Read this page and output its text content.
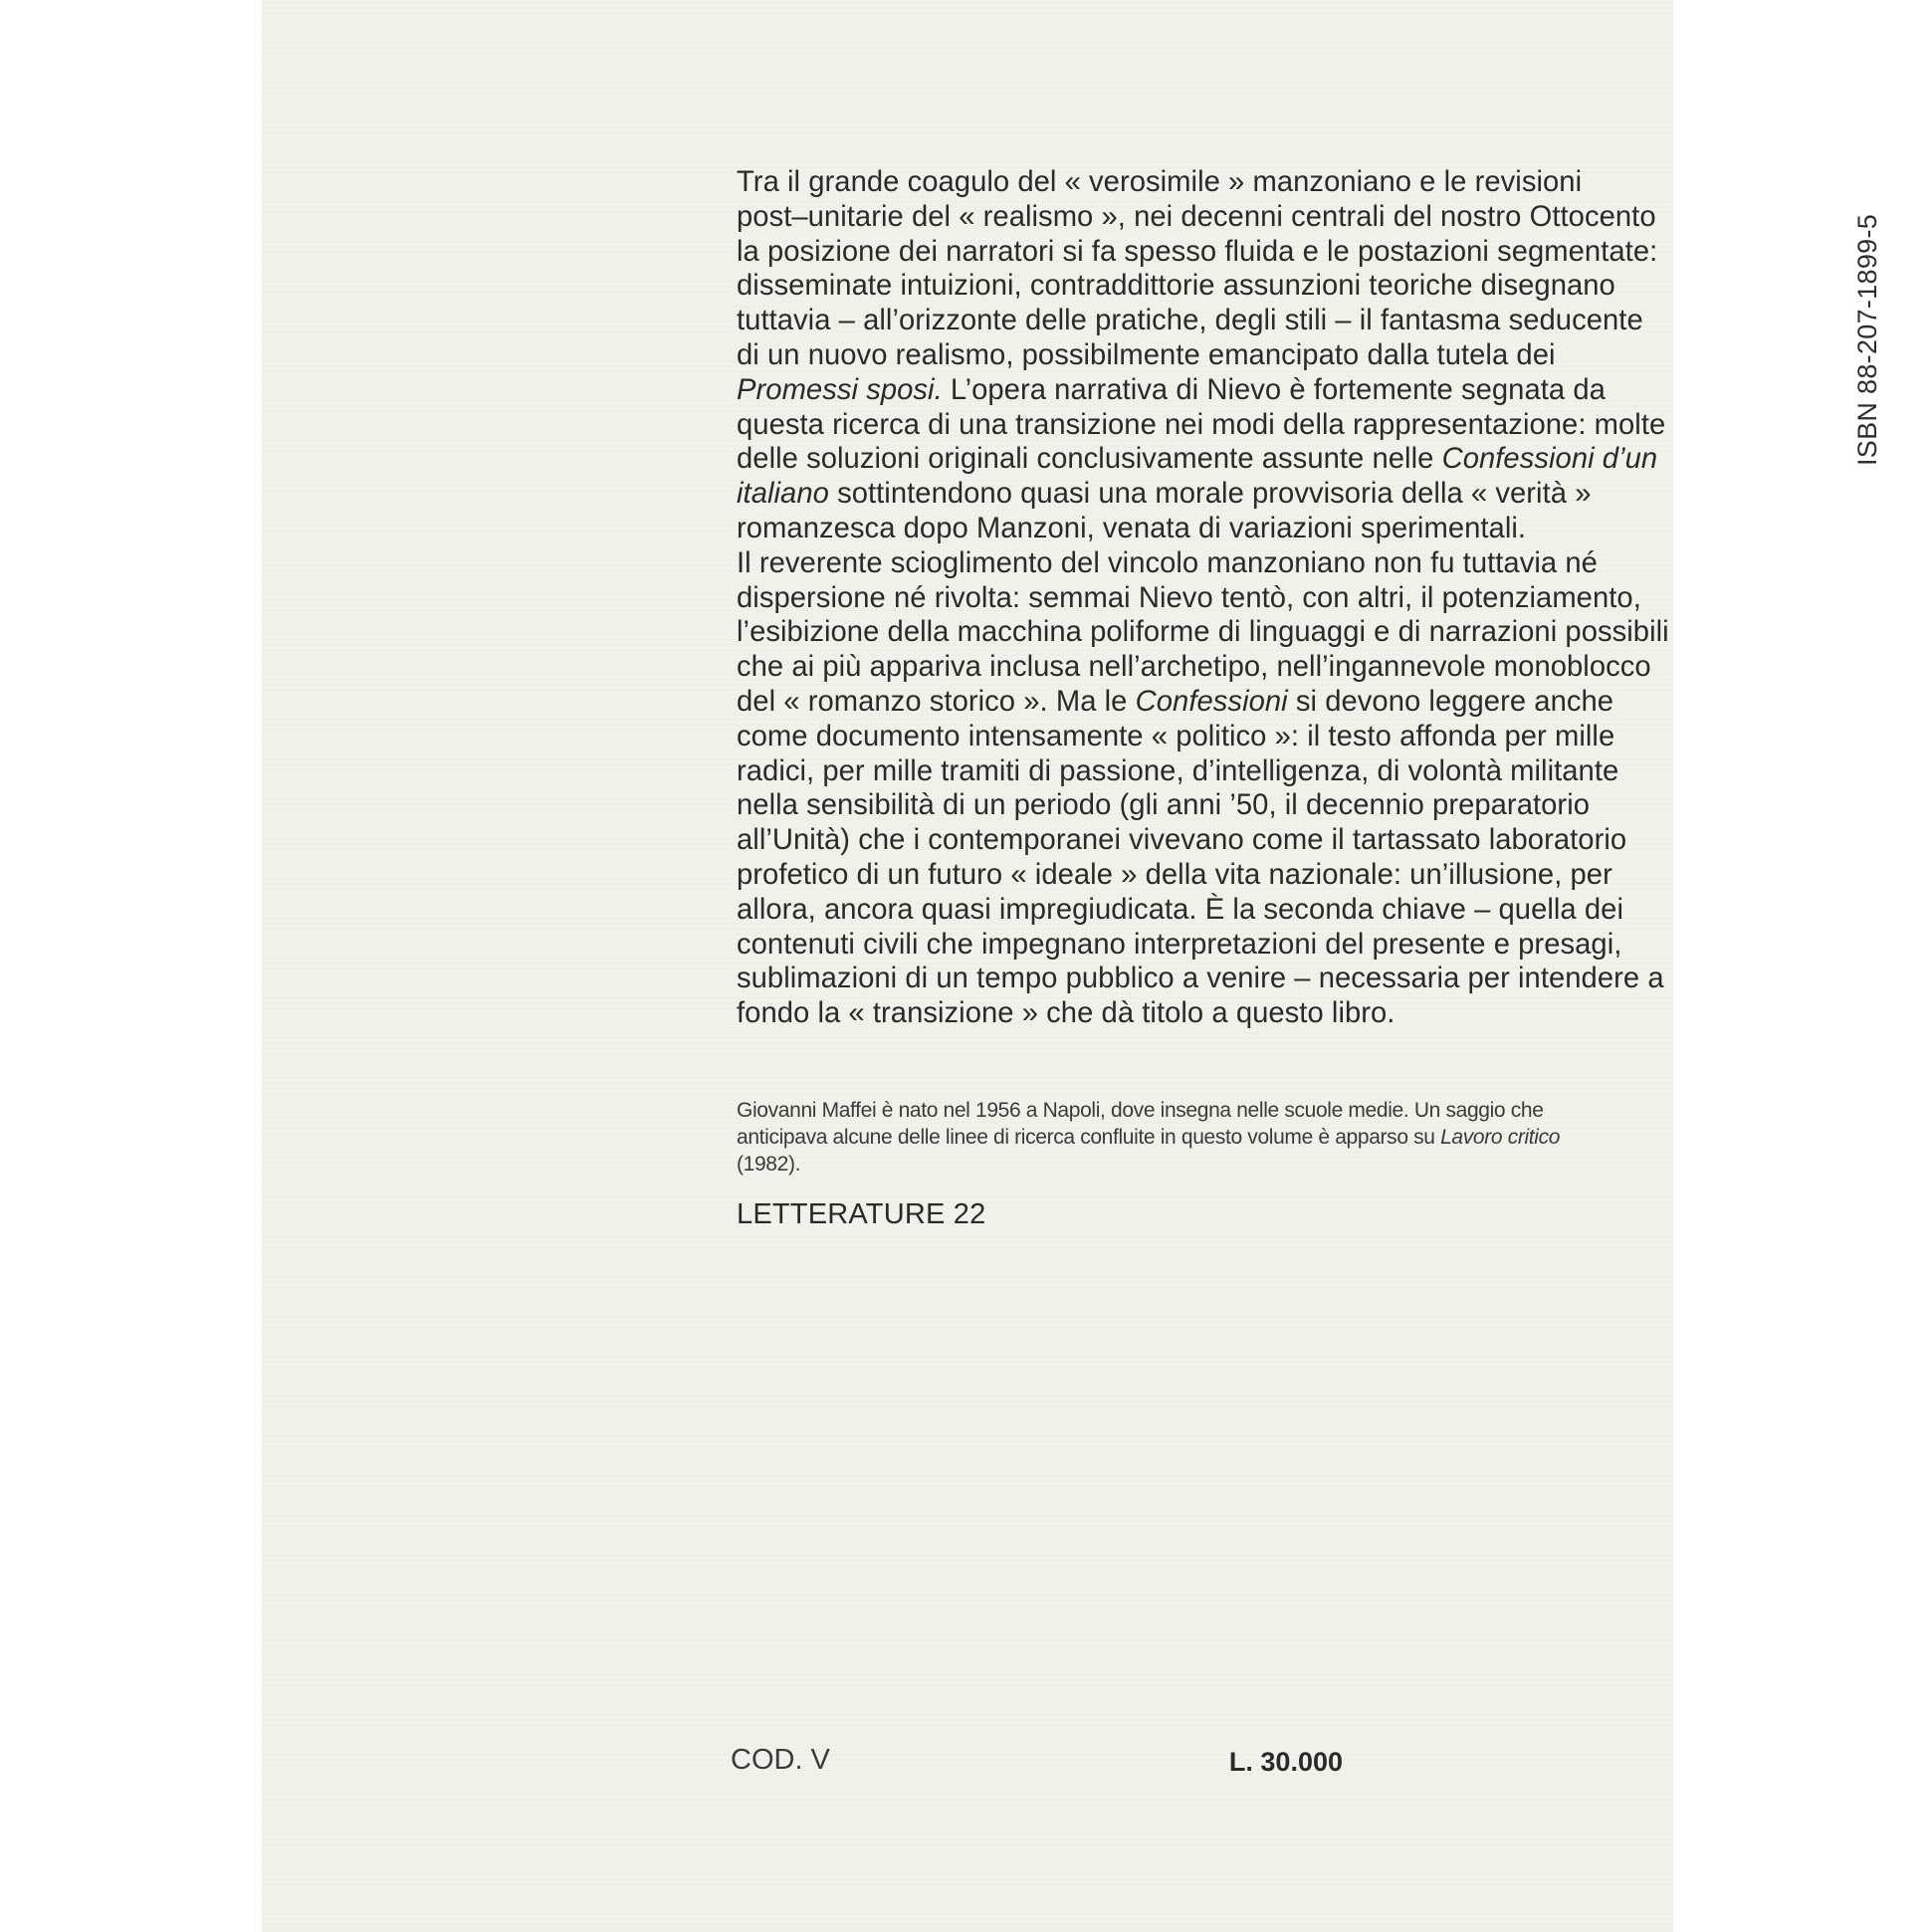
Tra il grande coagulo del « verosimile » manzoniano e le revisioni
post–unitarie del « realismo », nei decenni centrali del nostro Ottocento
la posizione dei narratori si fa spesso fluida e le postazioni segmentate:
disseminate intuizioni, contraddittorie assunzioni teoriche disegnano
tuttavia – all’orizzonte delle pratiche, degli stili – il fantasma seducente
di un nuovo realismo, possibilmente emancipato dalla tutela dei
Promessi sposi. L’opera narrativa di Nievo è fortemente segnata da
questa ricerca di una transizione nei modi della rappresentazione: molte
delle soluzioni originali conclusivamente assunte nelle Confessioni d’un
italiano sottintendono quasi una morale provvisoria della « verità »
romanzesca dopo Manzoni, venata di variazioni sperimentali.
Il reverente scioglimento del vincolo manzoniano non fu tuttavia né
dispersione né rivolta: semmai Nievo tentò, con altri, il potenziamento,
l’esibizione della macchina poliforme di linguaggi e di narrazioni possibili
che ai più appariva inclusa nell’archetipo, nell’ingannevole monoblocco
del « romanzo storico ». Ma le Confessioni si devono leggere anche
come documento intensamente « politico »: il testo affonda per mille
radici, per mille tramiti di passione, d’intelligenza, di volontà militante
nella sensibilità di un periodo (gli anni ’50, il decennio preparatorio
all’Unità) che i contemporanei vivevano come il tartassato laboratorio
profetico di un futuro « ideale » della vita nazionale: un’illusione, per
allora, ancora quasi impregiudicata. È la seconda chiave – quella dei
contenuti civili che impegnano interpretazioni del presente e presagi,
sublimazioni di un tempo pubblico a venire – necessaria per intendere a
fondo la « transizione » che dà titolo a questo libro.
ISBN 88-207-1899-5
Giovanni Maffei è nato nel 1956 a Napoli, dove insegna nelle scuole medie. Un saggio che
anticipava alcune delle linee di ricerca confluite in questo volume è apparso su Lavoro critico
(1982).
LETTERATURE 22
COD. V	L. 30.000
